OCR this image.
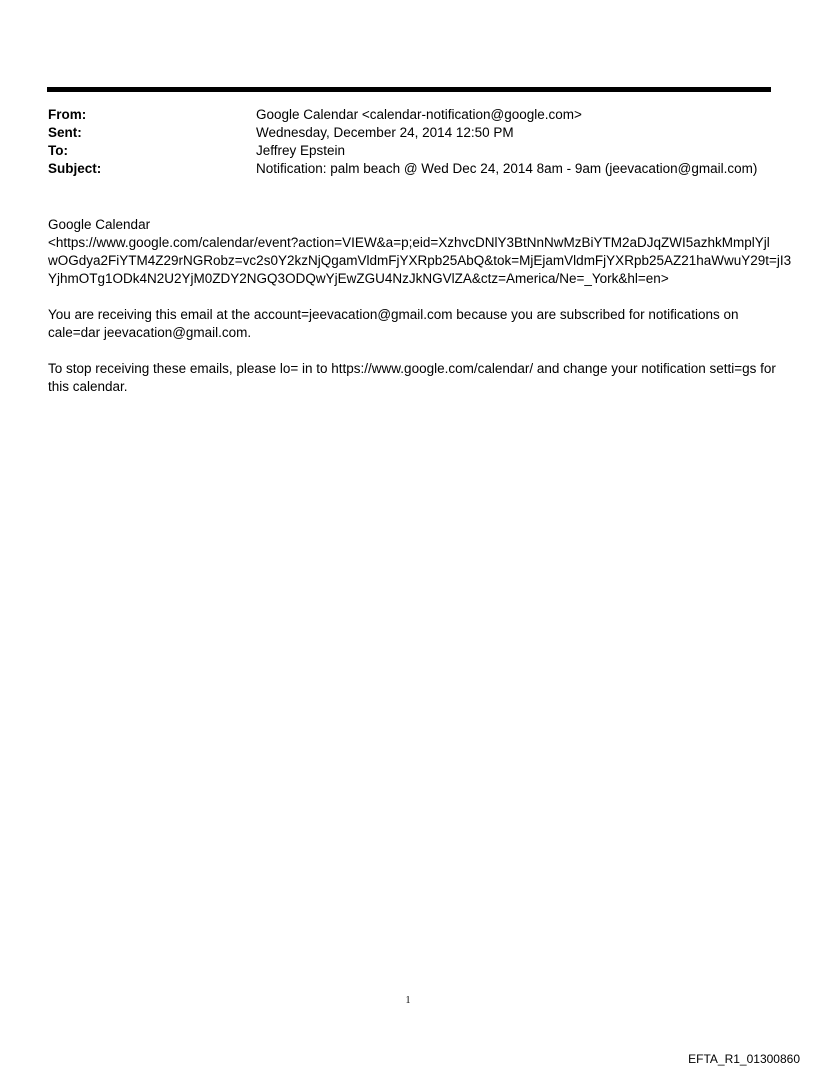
From:	Google Calendar <calendar-notification@google.com>
Sent:	Wednesday, December 24, 2014 12:50 PM
To:	Jeffrey Epstein
Subject:	Notification: palm beach @ Wed Dec 24, 2014 8am - 9am (jeevacation@gmail.com)

Google Calendar
<https://www.google.com/calendar/event?action=VIEW&a=p;eid=XzhvcDNlY3BtNnNwMzBiYTM2aDJqZWI5azhkMmplYjl
wOGdya2FiYTM4Z29rNGRobz=vc2s0Y2kzNjQgamVldmFjYXRpb25AbQ&tok=MjEjamVldmFjYXRpb25AZ21haWwuY29t=jI3
YjhmOTg1ODk4N2U2YjM0ZDY2NGQ3ODQwYjEwZGU4NzJkNGVlZA&ctz=America/Ne=_York&hl=en>

You are receiving this email at the account=jeevacation@gmail.com because you are subscribed for notifications on cale=dar jeevacation@gmail.com.

To stop receiving these emails, please lo= in to https://www.google.com/calendar/ and change your notification setti=gs for this calendar.

1
EFTA_R1_01300860
